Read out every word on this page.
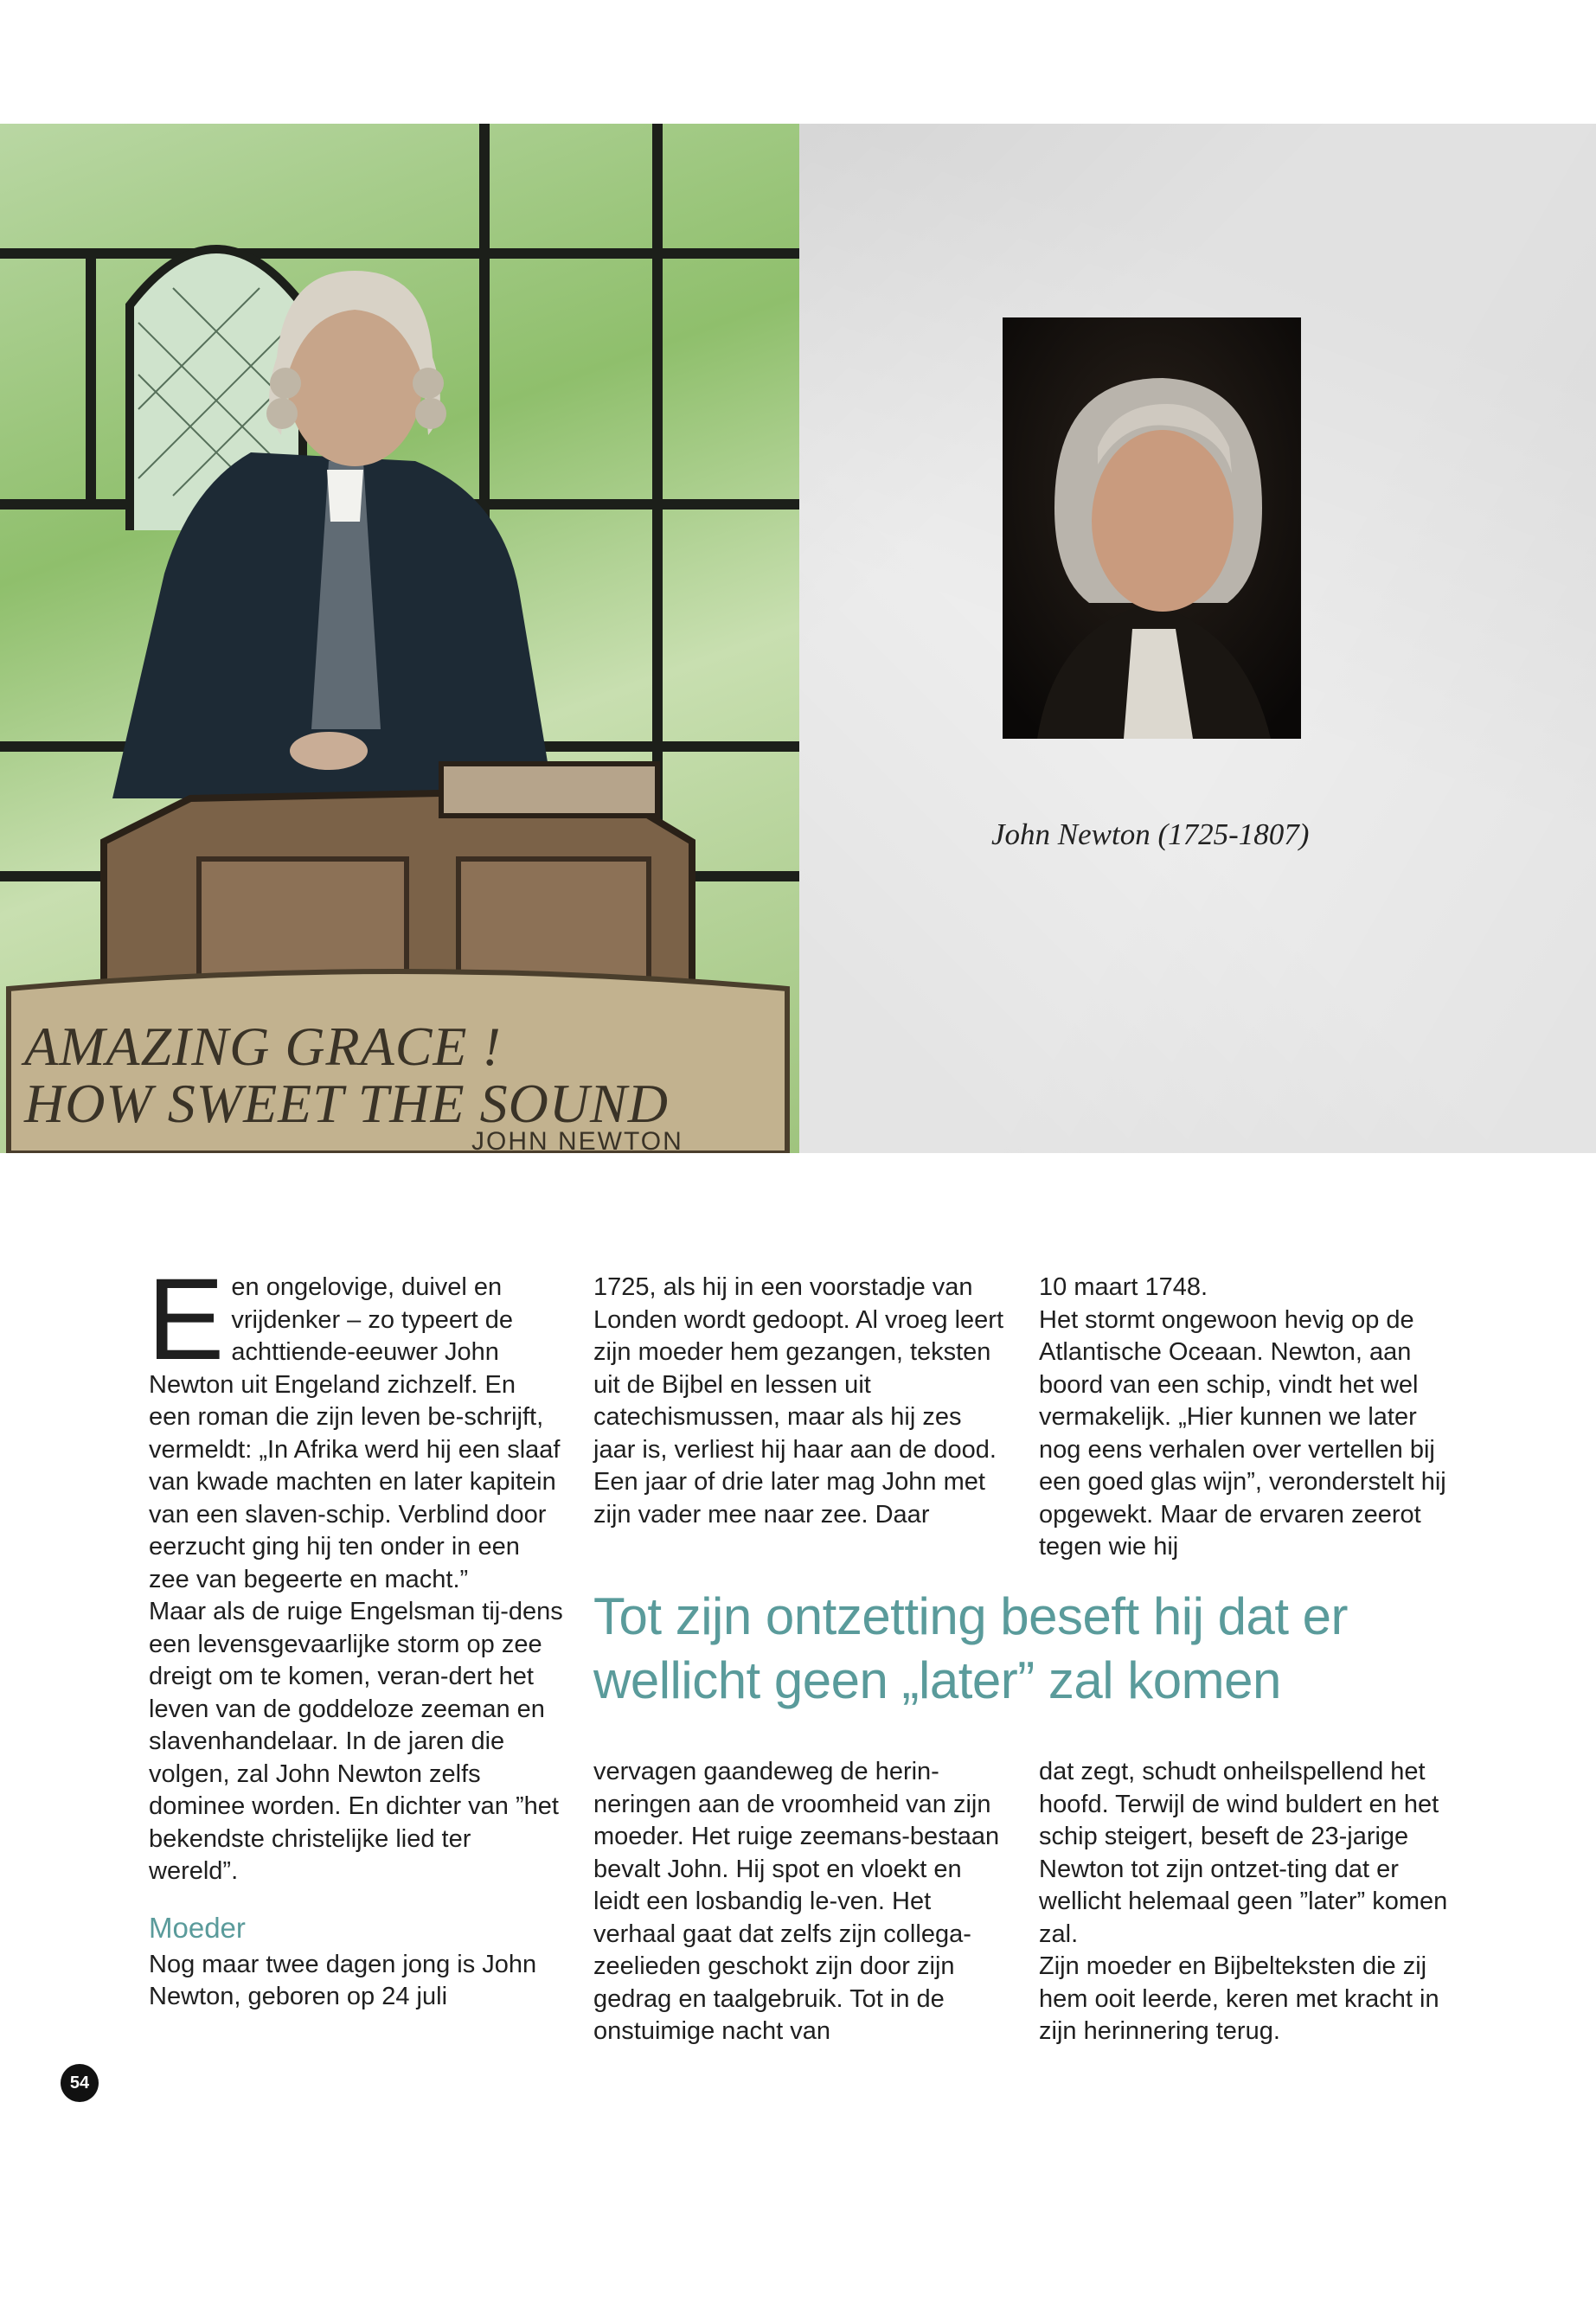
AMAZING GRACE !
HOW SWEET THE SOUND
JOHN NEWTON
John Newton (1725-1807)

Een ongelovige, duivel en vrijdenker – zo typeert de achttiende-eeuwer John Newton uit Engeland zichzelf. En een roman die zijn leven be-schrijft, vermeldt: „In Afrika werd hij een slaaf van kwade machten en later kapitein van een slaven-schip. Verblind door eerzucht ging hij ten onder in een zee van begeerte en macht.”

Maar als de ruige Engelsman tij-dens een levensgevaarlijke storm op zee dreigt om te komen, veran-dert het leven van de goddeloze zeeman en slavenhandelaar. In de jaren die volgen, zal John Newton zelfs dominee worden. En dichter van ”het bekendste christelijke lied ter wereld”.

Moeder

Nog maar twee dagen jong is John Newton, geboren op 24 juli

1725, als hij in een voorstadje van Londen wordt gedoopt. Al vroeg leert zijn moeder hem gezangen, teksten uit de Bijbel en lessen uit catechismussen, maar als hij zes jaar is, verliest hij haar aan de dood.

Een jaar of drie later mag John met zijn vader mee naar zee. Daar

10 maart 1748.

Het stormt ongewoon hevig op de Atlantische Oceaan. Newton, aan boord van een schip, vindt het wel vermakelijk. „Hier kunnen we later nog eens verhalen over vertellen bij een goed glas wijn”, veronderstelt hij opgewekt. Maar de ervaren zeerot tegen wie hij

Tot zijn ontzetting beseft hij dat er wellicht geen „later” zal komen

vervagen gaandeweg de herin-neringen aan de vroomheid van zijn moeder. Het ruige zeemans-bestaan bevalt John. Hij spot en vloekt en leidt een losbandig le-ven. Het verhaal gaat dat zelfs zijn collega-zeelieden geschokt zijn door zijn gedrag en taalgebruik. Tot in de onstuimige nacht van

dat zegt, schudt onheilspellend het hoofd. Terwijl de wind buldert en het schip steigert, beseft de 23-jarige Newton tot zijn ontzet-ting dat er wellicht helemaal geen ”later” komen zal.

Zijn moeder en Bijbelteksten die zij hem ooit leerde, keren met kracht in zijn herinnering terug.

54
